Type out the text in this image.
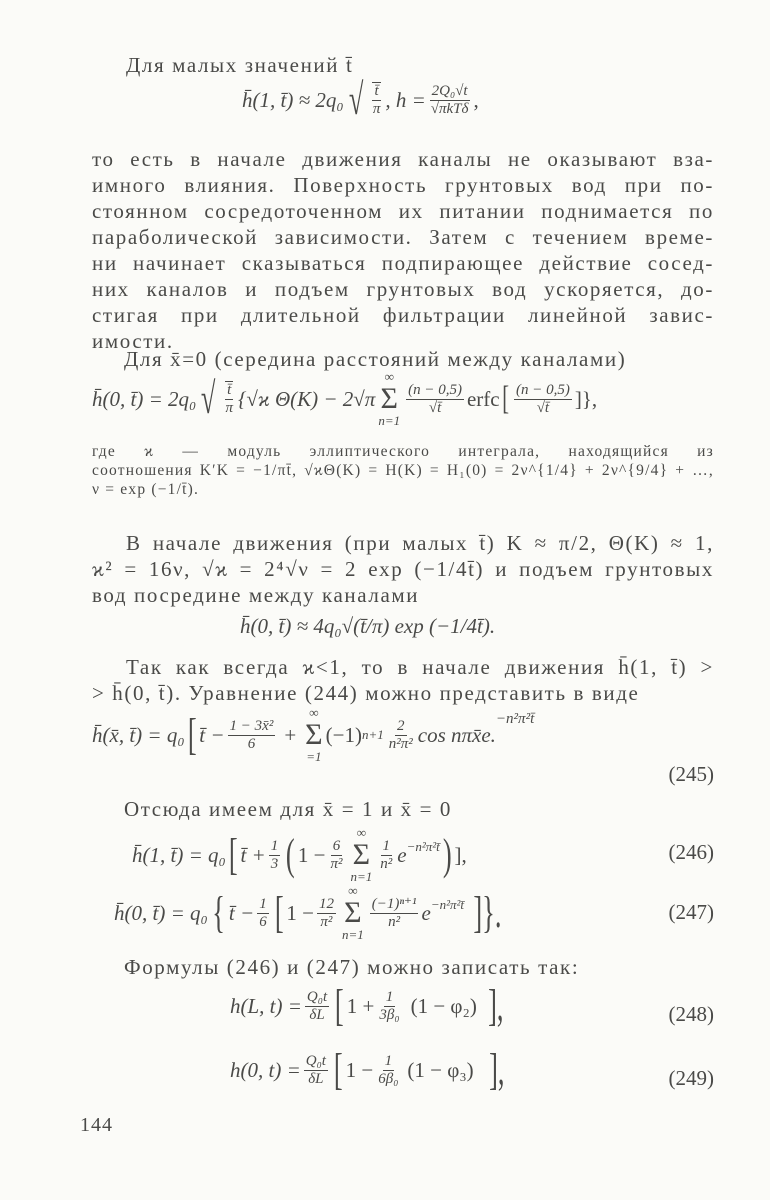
Для малых значений t̄
h̄(1, t̄) ≈ 2q₀ √ $\frac{t̄}{\pi}$ , $h = \frac{\text{2Q₀√t}}{\text{√πkTδ}}$ ,
то есть в начале движения каналы не оказывают вза-
имного влияния. Поверхность грунтовых вод при по-
стоянном сосредоточенном их питании поднимается по
параболической зависимости. Затем с течением време-
ни начинает сказываться подпирающее действие сосед-
них каналов и подъем грунтовых вод ускоряется, до-
стигая при длительной фильтрации линейной завис-
имости.
Для x̄=0 (середина расстояний между каналами)
h̄(0, t̄) = 2q₀ √ $\frac{t̄}{\pi} \{√ϰ$ Θ(K) − 2√π
∞
Σ
n=1
$\frac{(n - 0,5)}{√t̄}$ erfc [ $\frac{(n - 0,5)}{√t̄}$ ]},
где ϰ — модуль эллиптического интеграла, находящийся из
соотношения K′K = −1/πt̄, √ϰΘ(K) = H(K) = H₁(0) = 2ν^{1/4} + 2ν^{9/4} + …,
ν = exp (−1/t̄).
В начале движения (при малых t̄) K ≈ π/2, Θ(K) ≈ 1,
ϰ² = 16ν, √ϰ = 2⁴√ν = 2 exp (−1/4t̄) и подъем грунтовых
вод посредине между каналами
h̄(0, t̄) ≈ 4q₀√(t̄/π) exp (−1/4t̄).
Так как всегда ϰ<1, то в начале движения h̄(1, t̄) >
> h̄(0, t̄). Уравнение (244) можно представить в виде
h̄(x̄, t̄) = q₀ [ t̄ − $\frac{\text{1 − 3x̄²}}{6}$ +
∞
Σ
=1
(−1) $n+1 \frac{2}{\text{n²π²}}$ cos nπx̄e.
$^{-n^2\pi^2t̄}$
(245)
Отсюда имеем для x̄ = 1 и x̄ = 0
h̄(1, t̄) = q₀ [ t̄ + $\frac{1}{3}$ ( $1 - \frac{6}{\text{π²}}$
∞
Σ
n=1
$\frac{1}{\text{n²}} e^{-n^2\pi^2t̄}$ ) ],	(246)
h̄(0, t̄) = q₀ { t̄ − $\frac{1}{6}$ [ $1 - \frac{12}{\text{π²}}$
∞
Σ
n=1
$\frac{\text{(−1)ⁿ⁺¹}}{\text{n²}} e^{-n^2\pi^2t̄}$ ]}.	(247)
Формулы (246) и (247) можно записать так:
h(L, $t) = \frac{\text{Q₀t}}{\delta L}$ [ $1 + \frac{1}{\text{3β₀}} (1 - \varphi_2)$ ],	(248)
h(0, $t) = \frac{\text{Q₀t}}{\delta L}$ [ $1 - \frac{1}{\text{6β₀}} (1 - \varphi_3)$ ],	(249)
144
